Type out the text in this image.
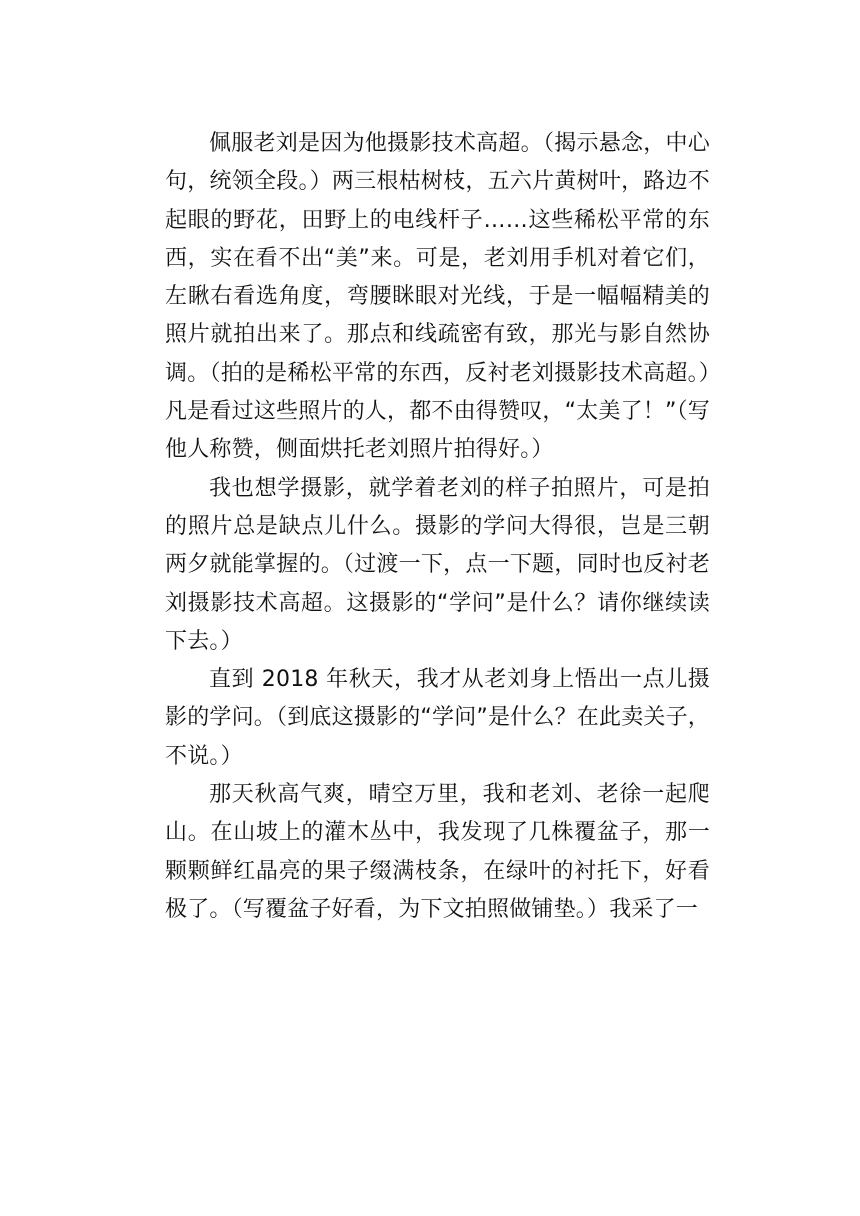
佩服老刘是因为他摄影技术高超。（揭示悬念，中心句，统领全段。）两三根枯树枝，五六片黄树叶，路边不起眼的野花，田野上的电线杆子……这些稀松平常的东西，实在看不出“美”来。可是，老刘用手机对着它们，左瞅右看选角度，弯腰眯眼对光线，于是一幅幅精美的照片就拍出来了。那点和线疏密有致，那光与影自然协调。（拍的是稀松平常的东西，反衬老刘摄影技术高超。）凡是看过这些照片的人，都不由得赞叹，“太美了！”（写他人称赞，侧面烘托老刘照片拍得好。）

我也想学摄影，就学着老刘的样子拍照片，可是拍的照片总是缺点儿什么。摄影的学问大得很，岂是三朝两夕就能掌握的。（过渡一下，点一下题，同时也反衬老刘摄影技术高超。这摄影的“学问”是什么？请你继续读下去。）

直到 2018 年秋天，我才从老刘身上悟出一点儿摄影的学问。（到底这摄影的“学问”是什么？在此卖关子，不说。）

那天秋高气爽，晴空万里，我和老刘、老徐一起爬山。在山坡上的灌木丛中，我发现了几株覆盆子，那一颗颗鲜红晶亮的果子缀满枝条，在绿叶的衬托下，好看极了。（写覆盆子好看，为下文拍照做铺垫。）我采了一
